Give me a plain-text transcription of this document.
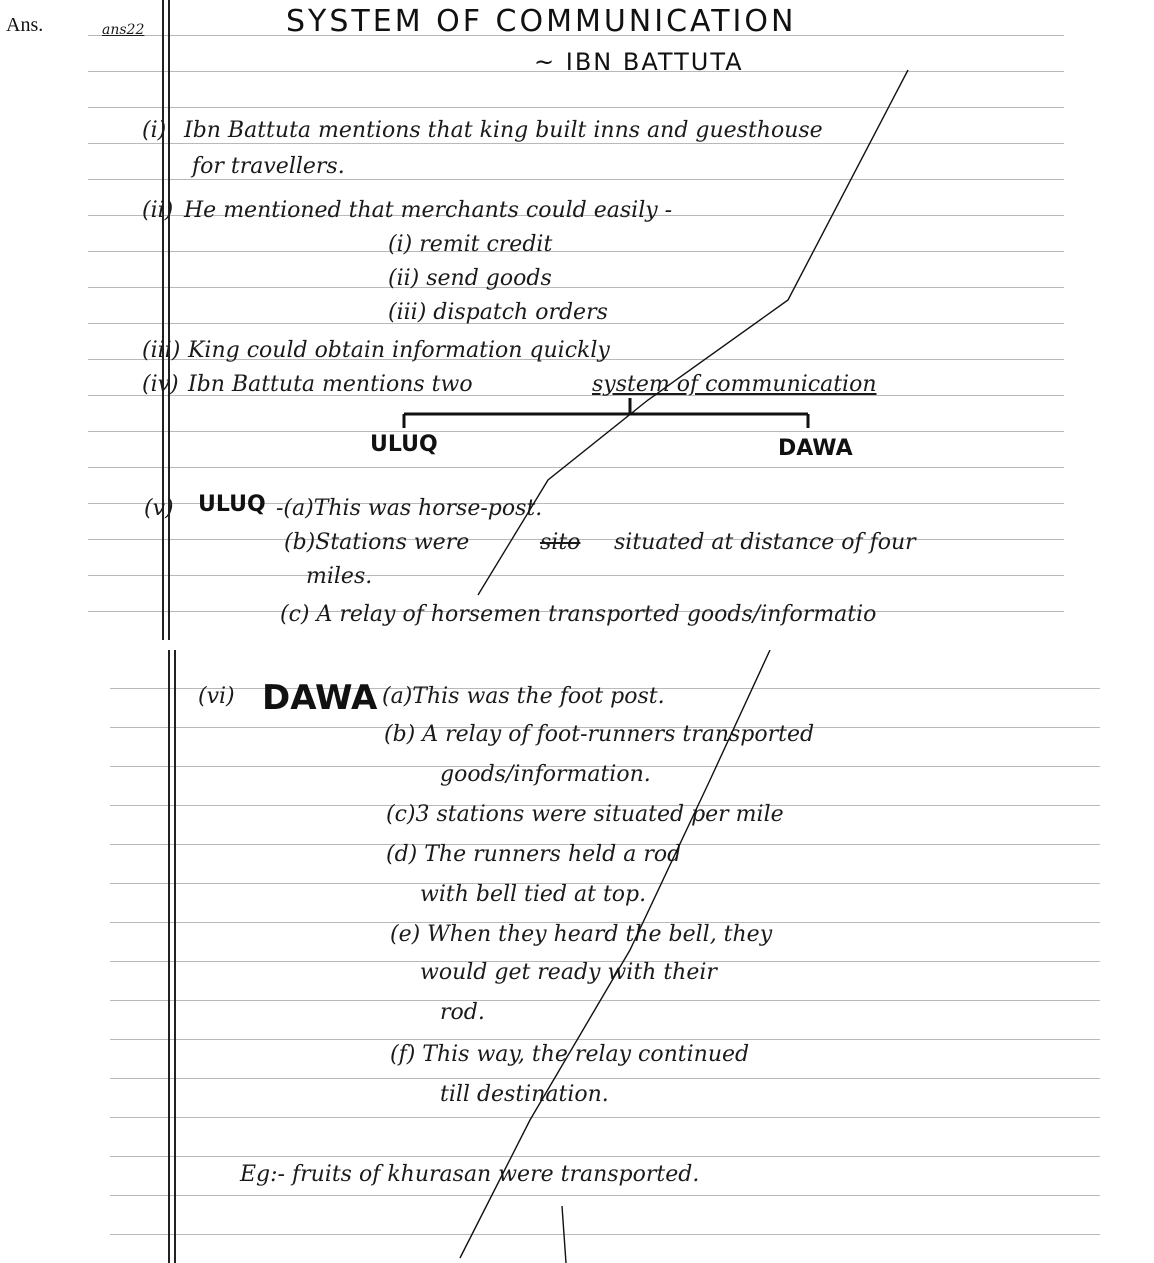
Ans.	ans22	SYSTEM OF COMMUNICATION
~ IBN BATTUTA
(i) Ibn Battuta mentions that king built inns and guesthouse
for travellers.
(ii) He mentioned that merchants could easily -
(i) remit credit
(ii) send goods
(iii) dispatch orders
(iii) King could obtain information quickly
(iv) Ibn Battuta mentions two	system of communication
ULUQ	DAWA
(v) ULUQ -(a)This was horse-post.
(b)Stations were	sito situated at distance of four
miles.
(c) A relay of horsemen transported goods/informatio
(vi) DAWA (a)This was the foot post.
(b) A relay of foot-runners transported
goods/information.
(c)3 stations were situated per mile
(d) The runners held a rod
with bell tied at top.
(e) When they heard the bell, they
would get ready with their
rod.
(f) This way, the relay continued
till destination.
Eg:- fruits of khurasan were transported.
